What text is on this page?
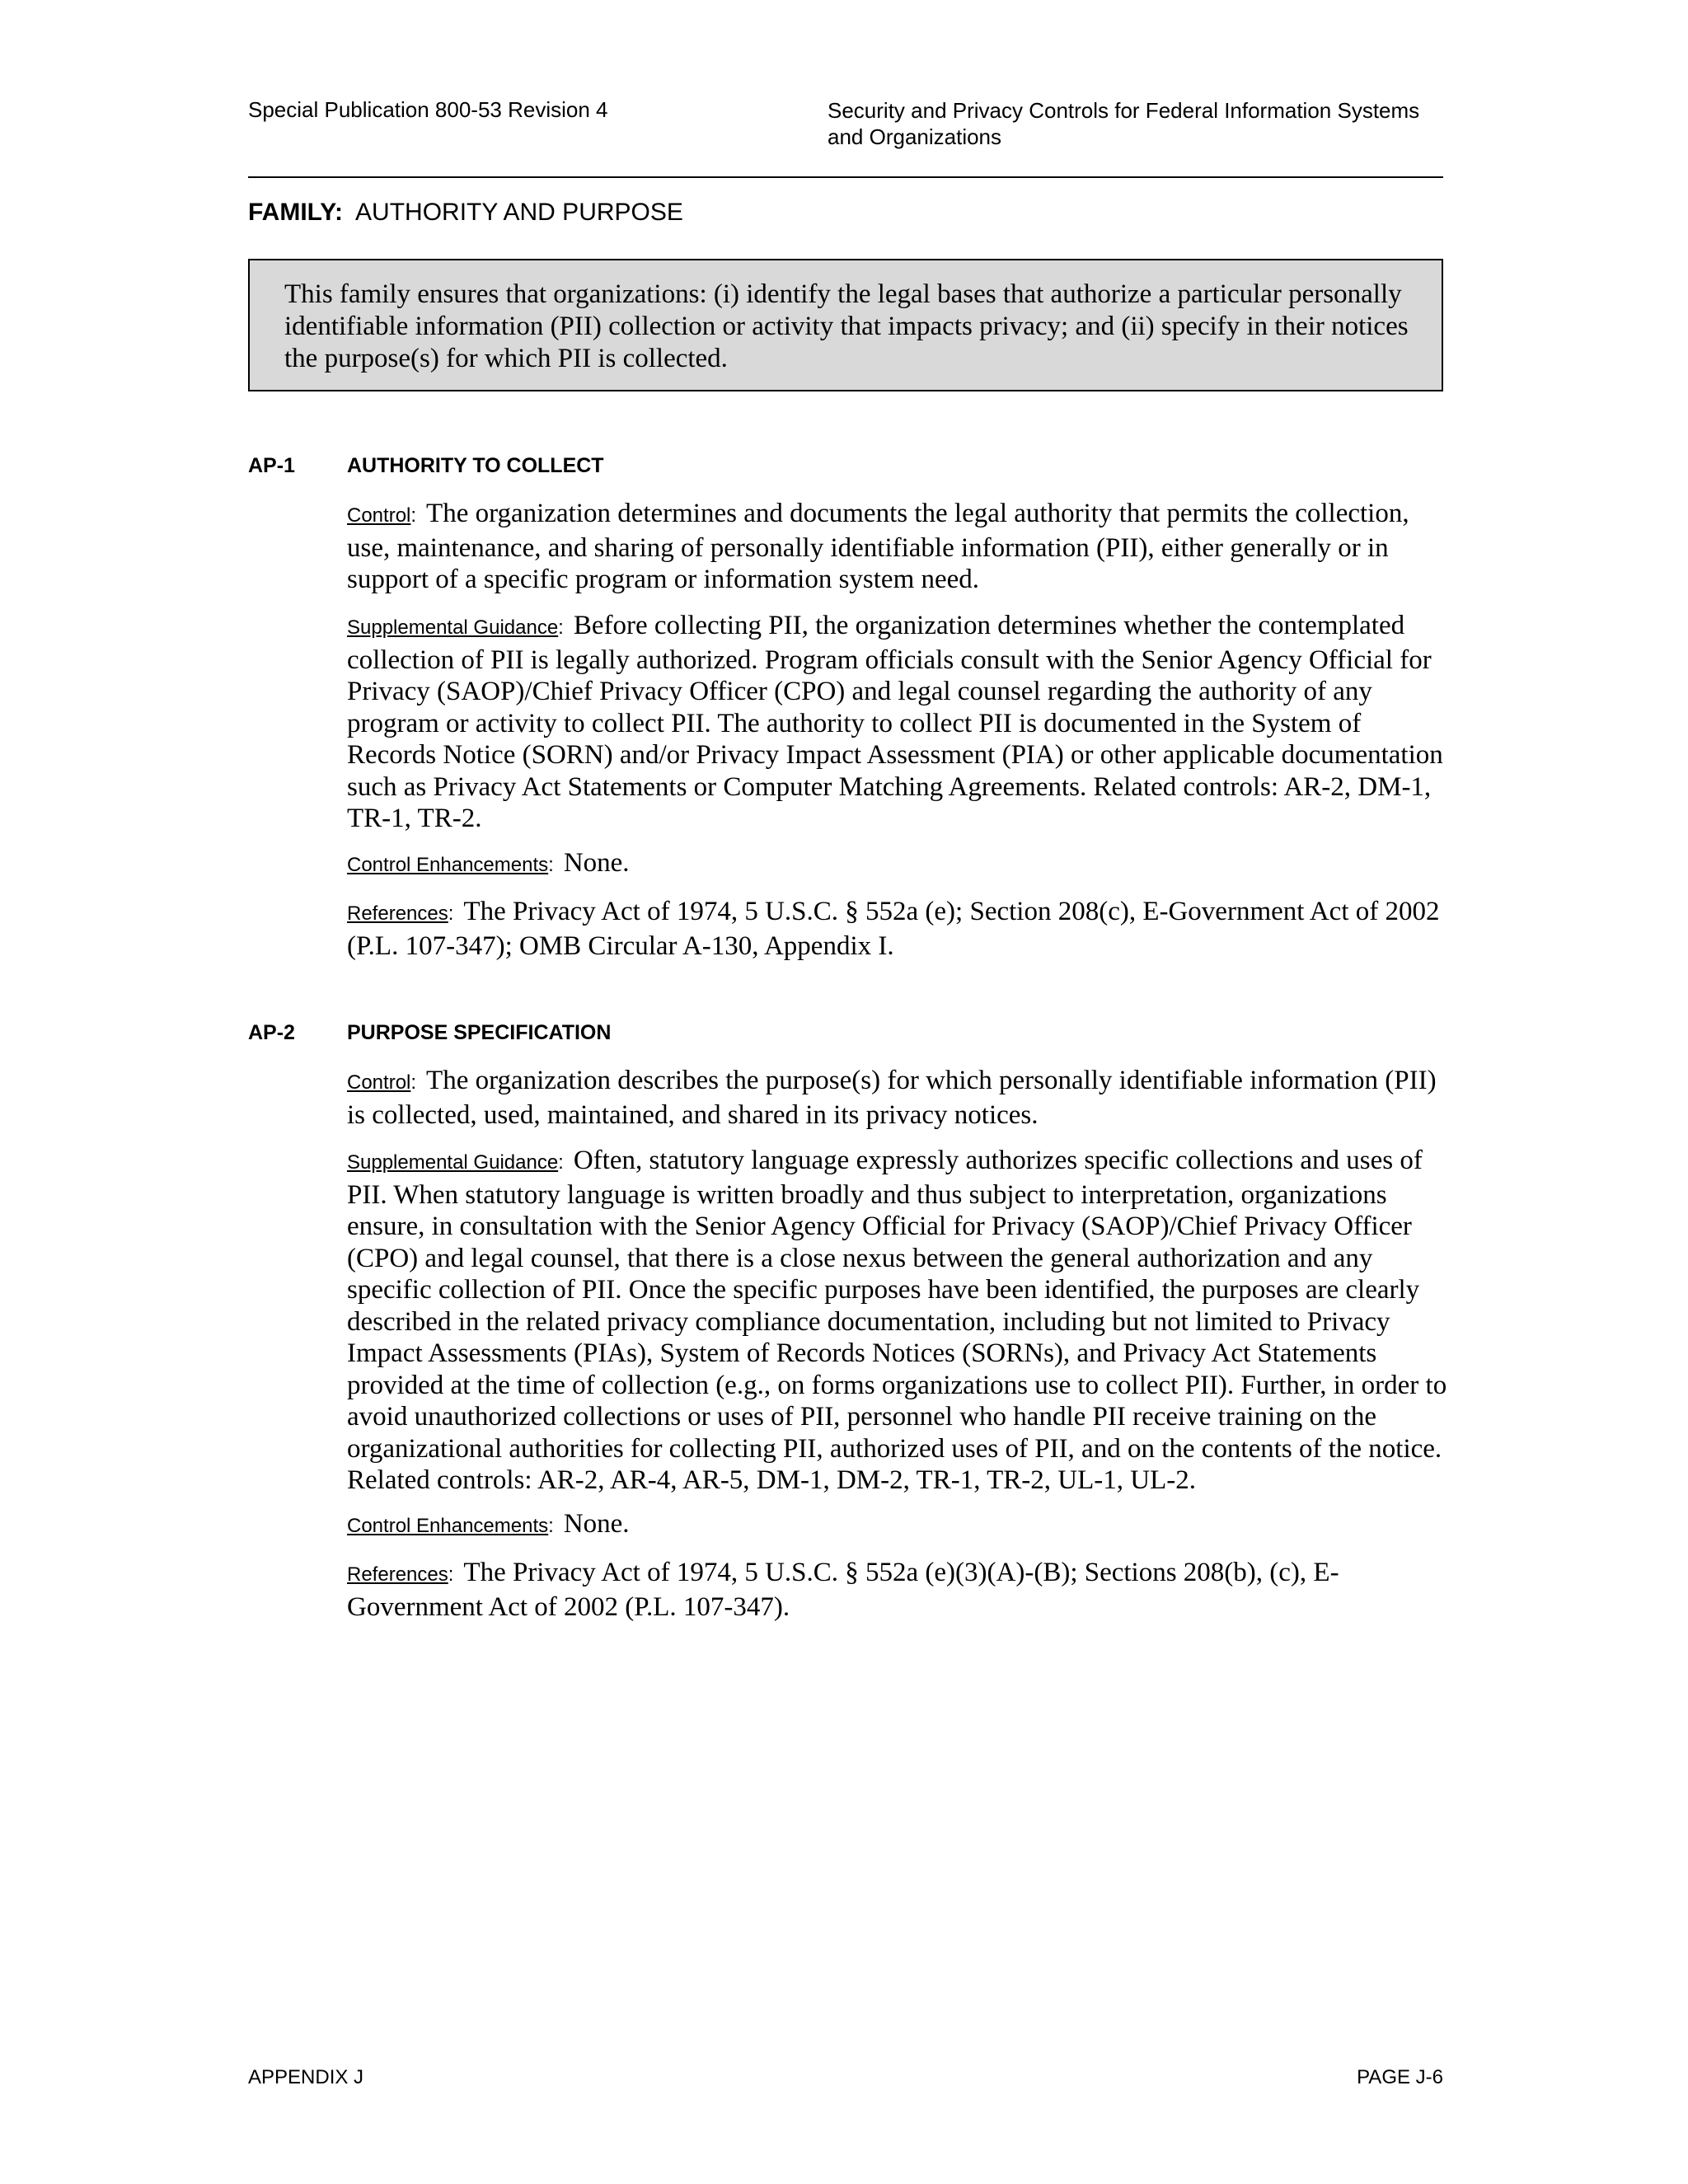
Special Publication 800-53 Revision 4	Security and Privacy Controls for Federal Information Systems
and Organizations
FAMILY: AUTHORITY AND PURPOSE
This family ensures that organizations: (i) identify the legal bases that authorize a particular personally identifiable information (PII) collection or activity that impacts privacy; and (ii) specify in their notices the purpose(s) for which PII is collected.
AP-1	AUTHORITY TO COLLECT
Control: The organization determines and documents the legal authority that permits the collection, use, maintenance, and sharing of personally identifiable information (PII), either generally or in support of a specific program or information system need.
Supplemental Guidance: Before collecting PII, the organization determines whether the contemplated collection of PII is legally authorized. Program officials consult with the Senior Agency Official for Privacy (SAOP)/Chief Privacy Officer (CPO) and legal counsel regarding the authority of any program or activity to collect PII. The authority to collect PII is documented in the System of Records Notice (SORN) and/or Privacy Impact Assessment (PIA) or other applicable documentation such as Privacy Act Statements or Computer Matching Agreements. Related controls: AR-2, DM-1, TR-1, TR-2.
Control Enhancements: None.
References: The Privacy Act of 1974, 5 U.S.C. § 552a (e); Section 208(c), E-Government Act of 2002 (P.L. 107-347); OMB Circular A-130, Appendix I.
AP-2	PURPOSE SPECIFICATION
Control: The organization describes the purpose(s) for which personally identifiable information (PII) is collected, used, maintained, and shared in its privacy notices.
Supplemental Guidance: Often, statutory language expressly authorizes specific collections and uses of PII. When statutory language is written broadly and thus subject to interpretation, organizations ensure, in consultation with the Senior Agency Official for Privacy (SAOP)/Chief Privacy Officer (CPO) and legal counsel, that there is a close nexus between the general authorization and any specific collection of PII. Once the specific purposes have been identified, the purposes are clearly described in the related privacy compliance documentation, including but not limited to Privacy Impact Assessments (PIAs), System of Records Notices (SORNs), and Privacy Act Statements provided at the time of collection (e.g., on forms organizations use to collect PII). Further, in order to avoid unauthorized collections or uses of PII, personnel who handle PII receive training on the organizational authorities for collecting PII, authorized uses of PII, and on the contents of the notice. Related controls: AR-2, AR-4, AR-5, DM-1, DM-2, TR-1, TR-2, UL-1, UL-2.
Control Enhancements: None.
References: The Privacy Act of 1974, 5 U.S.C. § 552a (e)(3)(A)-(B); Sections 208(b), (c), E-Government Act of 2002 (P.L. 107-347).
APPENDIX J	PAGE J-6
